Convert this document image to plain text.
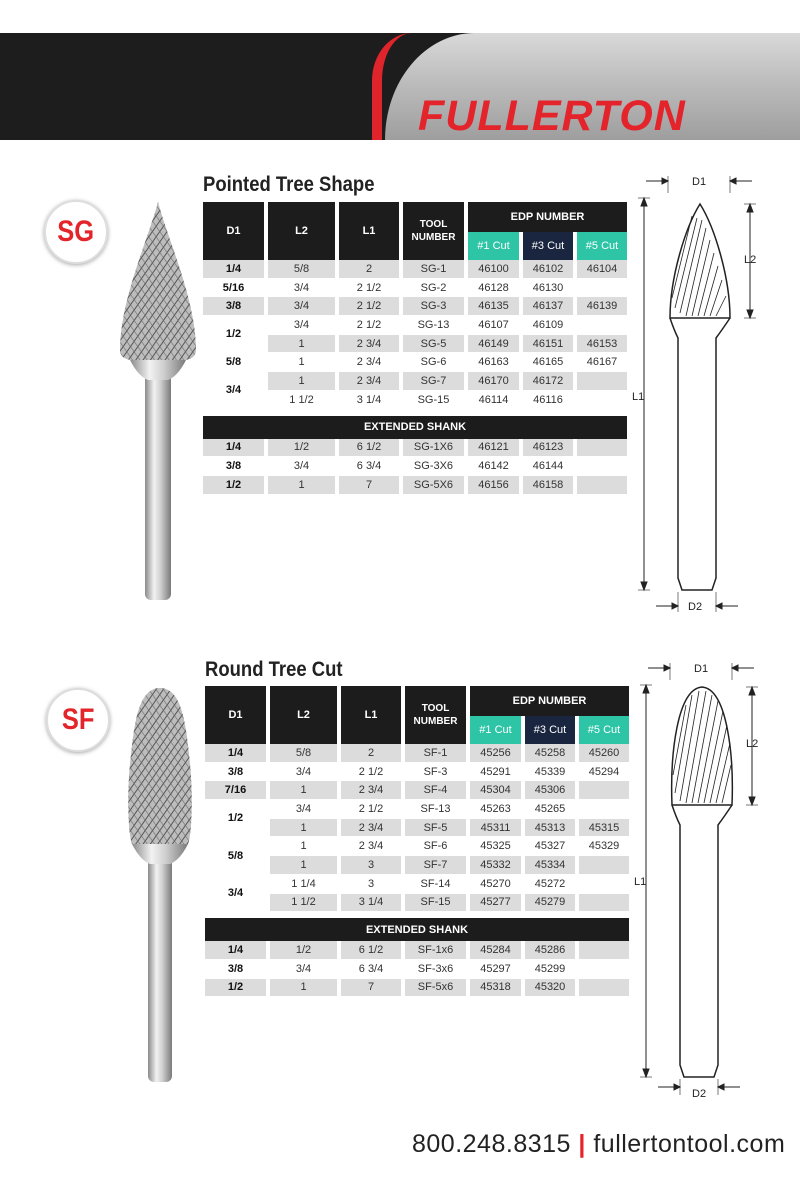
FULLERTON
SG
Pointed Tree Shape
D1	L2	L1	TOOL NUMBER	EDP NUMBER		
				#1 Cut	#3 Cut	#5 Cut
1/4	5/8	2	SG-1	46100	46102	46104
5/16	3/4	2 1/2	SG-2	46128	46130	
3/8	3/4	2 1/2	SG-3	46135	46137	46139
1/2	3/4	2 1/2	SG-13	46107	46109	
	1	2 3/4	SG-5	46149	46151	46153
5/8	1	2 3/4	SG-6	46163	46165	46167
3/4	1	2 3/4	SG-7	46170	46172	
	1 1/2	3 1/4	SG-15	46114	46116	
EXTENDED SHANK						
1/4	1/2	6 1/2	SG-1X6	46121	46123	
3/8	3/4	6 3/4	SG-3X6	46142	46144	
1/2	1	7	SG-5X6	46156	46158	
D1
L2
L1
D2
SF
Round Tree Cut
D1	L2	L1	TOOL NUMBER	EDP NUMBER		
				#1 Cut	#3 Cut	#5 Cut
1/4	5/8	2	SF-1	45256	45258	45260
3/8	3/4	2 1/2	SF-3	45291	45339	45294
7/16	1	2 3/4	SF-4	45304	45306	
1/2	3/4	2 1/2	SF-13	45263	45265	
	1	2 3/4	SF-5	45311	45313	45315
5/8	1	2 3/4	SF-6	45325	45327	45329
	1	3	SF-7	45332	45334	
3/4	1 1/4	3	SF-14	45270	45272	
	1 1/2	3 1/4	SF-15	45277	45279	
EXTENDED SHANK						
1/4	1/2	6 1/2	SF-1x6	45284	45286	
3/8	3/4	6 3/4	SF-3x6	45297	45299	
1/2	1	7	SF-5x6	45318	45320	
D1
L2
L1
D2
800.248.8315 | fullertontool.com
